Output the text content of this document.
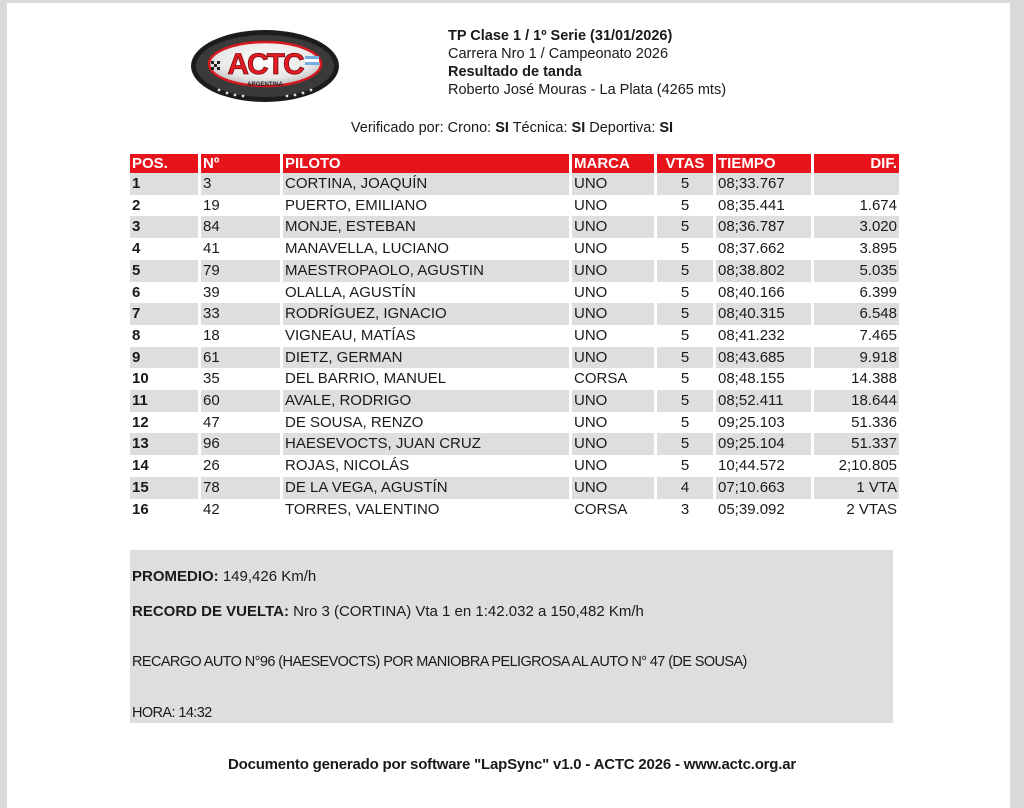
ACTC
ARGENTINA
TP Clase 1 / 1º Serie (31/01/2026)
Carrera Nro 1 / Campeonato 2026
Resultado de tanda
Roberto José Mouras - La Plata (4265 mts)
Verificado por: Crono: SI Técnica: SI Deportiva: SI
POS.	Nº	PILOTO	MARCA	VTAS	TIEMPO	DIF.
1	3	CORTINA, JOAQUÍN	UNO	5	08;33.767	
2	19	PUERTO, EMILIANO	UNO	5	08;35.441	1.674
3	84	MONJE, ESTEBAN	UNO	5	08;36.787	3.020
4	41	MANAVELLA, LUCIANO	UNO	5	08;37.662	3.895
5	79	MAESTROPAOLO, AGUSTIN	UNO	5	08;38.802	5.035
6	39	OLALLA, AGUSTÍN	UNO	5	08;40.166	6.399
7	33	RODRÍGUEZ, IGNACIO	UNO	5	08;40.315	6.548
8	18	VIGNEAU, MATÍAS	UNO	5	08;41.232	7.465
9	61	DIETZ, GERMAN	UNO	5	08;43.685	9.918
10	35	DEL BARRIO, MANUEL	CORSA	5	08;48.155	14.388
11	60	AVALE, RODRIGO	UNO	5	08;52.411	18.644
12	47	DE SOUSA, RENZO	UNO	5	09;25.103	51.336
13	96	HAESEVOCTS, JUAN CRUZ	UNO	5	09;25.104	51.337
14	26	ROJAS, NICOLÁS	UNO	5	10;44.572	2;10.805
15	78	DE LA VEGA, AGUSTÍN	UNO	4	07;10.663	1 VTA
16	42	TORRES, VALENTINO	CORSA	3	05;39.092	2 VTAS
PROMEDIO: 149,426 Km/h
RECORD DE VUELTA: Nro 3 (CORTINA) Vta 1 en 1:42.032 a 150,482 Km/h
RECARGO AUTO N°96 (HAESEVOCTS) POR MANIOBRA PELIGROSA AL AUTO N° 47 (DE SOUSA)
HORA: 14:32
Documento generado por software "LapSync" v1.0 - ACTC 2026 - www.actc.org.ar
